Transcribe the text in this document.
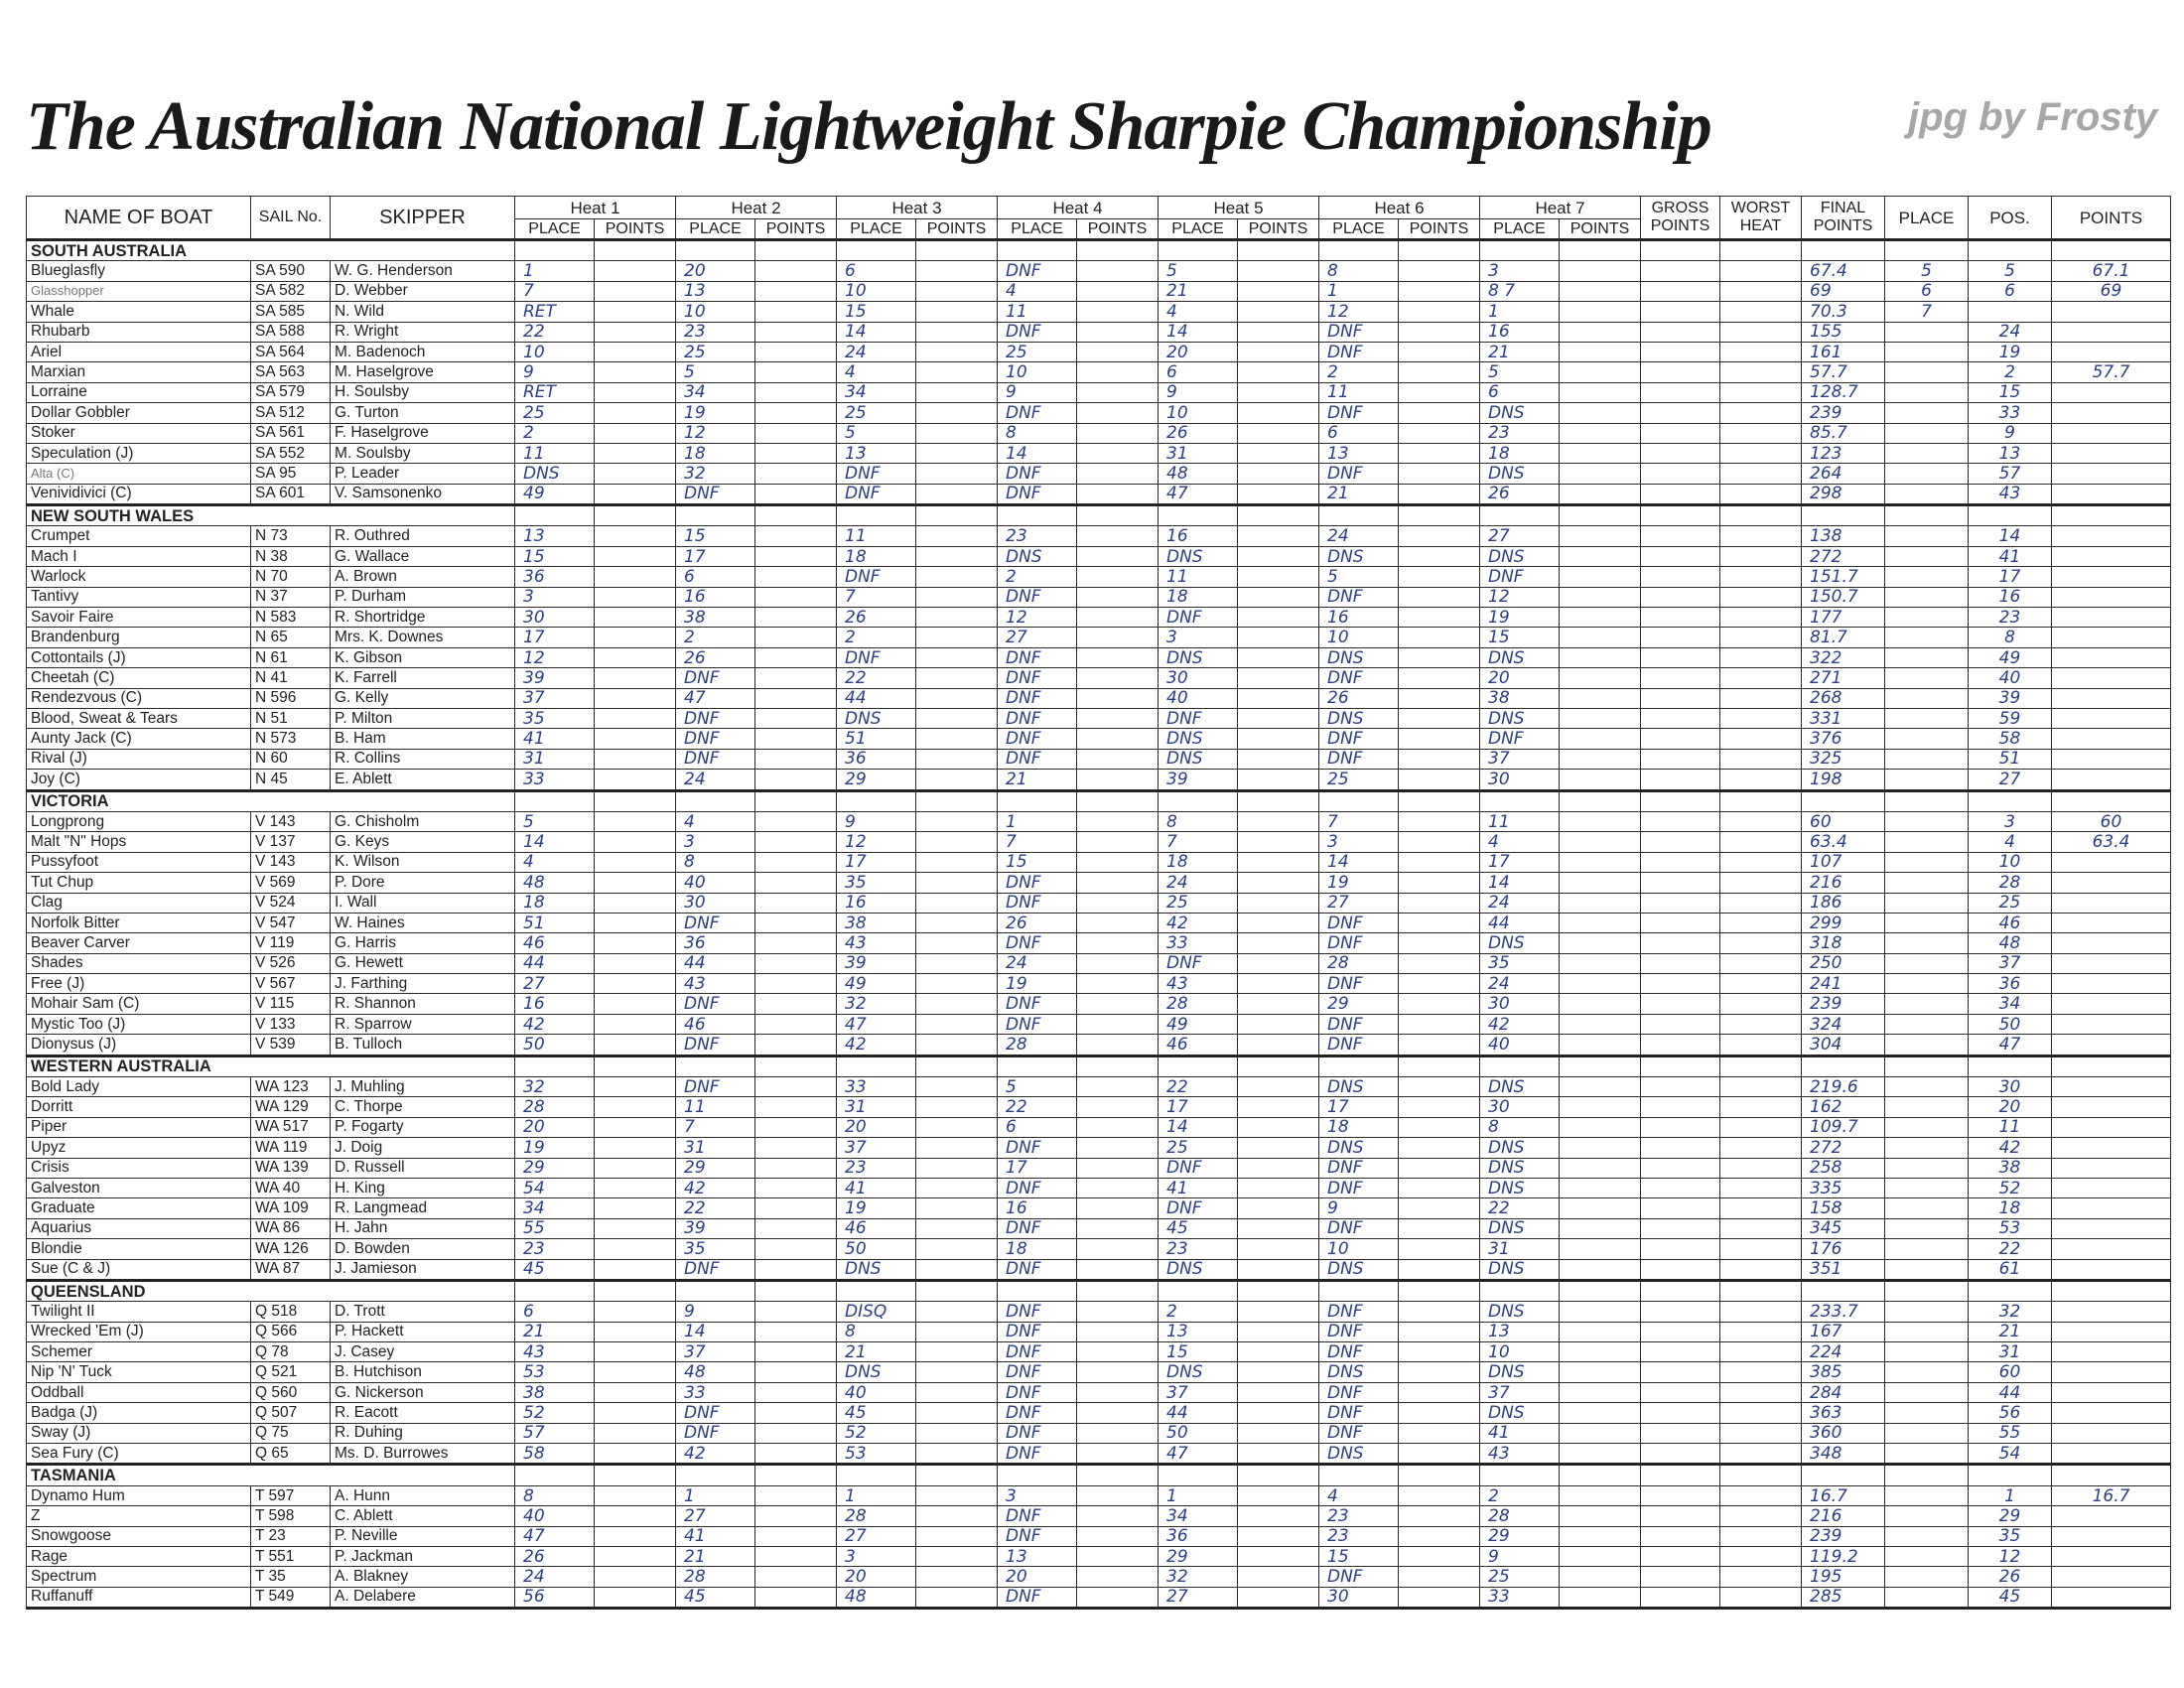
The Australian National Lightweight Sharpie Championship	jpg by Frosty
NAME OF BOAT	SAIL No.	SKIPPER	Heat 1		Heat 2		Heat 3		Heat 4		Heat 5		Heat 6		Heat 7		GROSS POINTS	WORST HEAT	FINAL POINTS	PLACE	POS.	POINTS
			PLACE	POINTS	PLACE	POINTS	PLACE	POINTS	PLACE	POINTS	PLACE	POINTS	PLACE	POINTS	PLACE	POINTS						
SOUTH AUSTRALIA																						
Blueglasfly	SA 590	W. G. Henderson	1		20		6		DNF		5		8		3				67.4	5	5	67.1
Glasshopper	SA 582	D. Webber	7		13		10		4		21		1		8 7				69	6	6	69
Whale	SA 585	N. Wild	RET		10		15		11		4		12		1				70.3	7		
Rhubarb	SA 588	R. Wright	22		23		14		DNF		14		DNF		16				155		24	
Ariel	SA 564	M. Badenoch	10		25		24		25		20		DNF		21				161		19	
Marxian	SA 563	M. Haselgrove	9		5		4		10		6		2		5				57.7		2	57.7
Lorraine	SA 579	H. Soulsby	RET		34		34		9		9		11		6				128.7		15	
Dollar Gobbler	SA 512	G. Turton	25		19		25		DNF		10		DNF		DNS				239		33	
Stoker	SA 561	F. Haselgrove	2		12		5		8		26		6		23				85.7		9	
Speculation (J)	SA 552	M. Soulsby	11		18		13		14		31		13		18				123		13	
Alta (C)	SA 95	P. Leader	DNS		32		DNF		DNF		48		DNF		DNS				264		57	
Venividivici (C)	SA 601	V. Samsonenko	49		DNF		DNF		DNF		47		21		26				298		43	
NEW SOUTH WALES																						
Crumpet	N 73	R. Outhred	13		15		11		23		16		24		27				138		14	
Mach I	N 38	G. Wallace	15		17		18		DNS		DNS		DNS		DNS				272		41	
Warlock	N 70	A. Brown	36		6		DNF		2		11		5		DNF				151.7		17	
Tantivy	N 37	P. Durham	3		16		7		DNF		18		DNF		12				150.7		16	
Savoir Faire	N 583	R. Shortridge	30		38		26		12		DNF		16		19				177		23	
Brandenburg	N 65	Mrs. K. Downes	17		2		2		27		3		10		15				81.7		8	
Cottontails (J)	N 61	K. Gibson	12		26		DNF		DNF		DNS		DNS		DNS				322		49	
Cheetah (C)	N 41	K. Farrell	39		DNF		22		DNF		30		DNF		20				271		40	
Rendezvous (C)	N 596	G. Kelly	37		47		44		DNF		40		26		38				268		39	
Blood, Sweat & Tears	N 51	P. Milton	35		DNF		DNS		DNF		DNF		DNS		DNS				331		59	
Aunty Jack (C)	N 573	B. Ham	41		DNF		51		DNF		DNS		DNF		DNF				376		58	
Rival (J)	N 60	R. Collins	31		DNF		36		DNF		DNS		DNF		37				325		51	
Joy (C)	N 45	E. Ablett	33		24		29		21		39		25		30				198		27	
VICTORIA																						
Longprong	V 143	G. Chisholm	5		4		9		1		8		7		11				60		3	60
Malt "N" Hops	V 137	G. Keys	14		3		12		7		7		3		4				63.4		4	63.4
Pussyfoot	V 143	K. Wilson	4		8		17		15		18		14		17				107		10	
Tut Chup	V 569	P. Dore	48		40		35		DNF		24		19		14				216		28	
Clag	V 524	I. Wall	18		30		16		DNF		25		27		24				186		25	
Norfolk Bitter	V 547	W. Haines	51		DNF		38		26		42		DNF		44				299		46	
Beaver Carver	V 119	G. Harris	46		36		43		DNF		33		DNF		DNS				318		48	
Shades	V 526	G. Hewett	44		44		39		24		DNF		28		35				250		37	
Free (J)	V 567	J. Farthing	27		43		49		19		43		DNF		24				241		36	
Mohair Sam (C)	V 115	R. Shannon	16		DNF		32		DNF		28		29		30				239		34	
Mystic Too (J)	V 133	R. Sparrow	42		46		47		DNF		49		DNF		42				324		50	
Dionysus (J)	V 539	B. Tulloch	50		DNF		42		28		46		DNF		40				304		47	
WESTERN AUSTRALIA																						
Bold Lady	WA 123	J. Muhling	32		DNF		33		5		22		DNS		DNS				219.6		30	
Dorritt	WA 129	C. Thorpe	28		11		31		22		17		17		30				162		20	
Piper	WA 517	P. Fogarty	20		7		20		6		14		18		8				109.7		11	
Upyz	WA 119	J. Doig	19		31		37		DNF		25		DNS		DNS				272		42	
Crisis	WA 139	D. Russell	29		29		23		17		DNF		DNF		DNS				258		38	
Galveston	WA 40	H. King	54		42		41		DNF		41		DNF		DNS				335		52	
Graduate	WA 109	R. Langmead	34		22		19		16		DNF		9		22				158		18	
Aquarius	WA 86	H. Jahn	55		39		46		DNF		45		DNF		DNS				345		53	
Blondie	WA 126	D. Bowden	23		35		50		18		23		10		31				176		22	
Sue (C & J)	WA 87	J. Jamieson	45		DNF		DNS		DNF		DNS		DNS		DNS				351		61	
QUEENSLAND																						
Twilight II	Q 518	D. Trott	6		9		DISQ		DNF		2		DNF		DNS				233.7		32	
Wrecked 'Em (J)	Q 566	P. Hackett	21		14		8		DNF		13		DNF		13				167		21	
Schemer	Q 78	J. Casey	43		37		21		DNF		15		DNF		10				224		31	
Nip 'N' Tuck	Q 521	B. Hutchison	53		48		DNS		DNF		DNS		DNS		DNS				385		60	
Oddball	Q 560	G. Nickerson	38		33		40		DNF		37		DNF		37				284		44	
Badga (J)	Q 507	R. Eacott	52		DNF		45		DNF		44		DNF		DNS				363		56	
Sway (J)	Q 75	R. Duhing	57		DNF		52		DNF		50		DNF		41				360		55	
Sea Fury (C)	Q 65	Ms. D. Burrowes	58		42		53		DNF		47		DNS		43				348		54	
TASMANIA																						
Dynamo Hum	T 597	A. Hunn	8		1		1		3		1		4		2				16.7		1	16.7
Z	T 598	C. Ablett	40		27		28		DNF		34		23		28				216		29	
Snowgoose	T 23	P. Neville	47		41		27		DNF		36		23		29				239		35	
Rage	T 551	P. Jackman	26		21		3		13		29		15		9				119.2		12	
Spectrum	T 35	A. Blakney	24		28		20		20		32		DNF		25				195		26	
Ruffanuff	T 549	A. Delabere	56		45		48		DNF		27		30		33				285		45	
